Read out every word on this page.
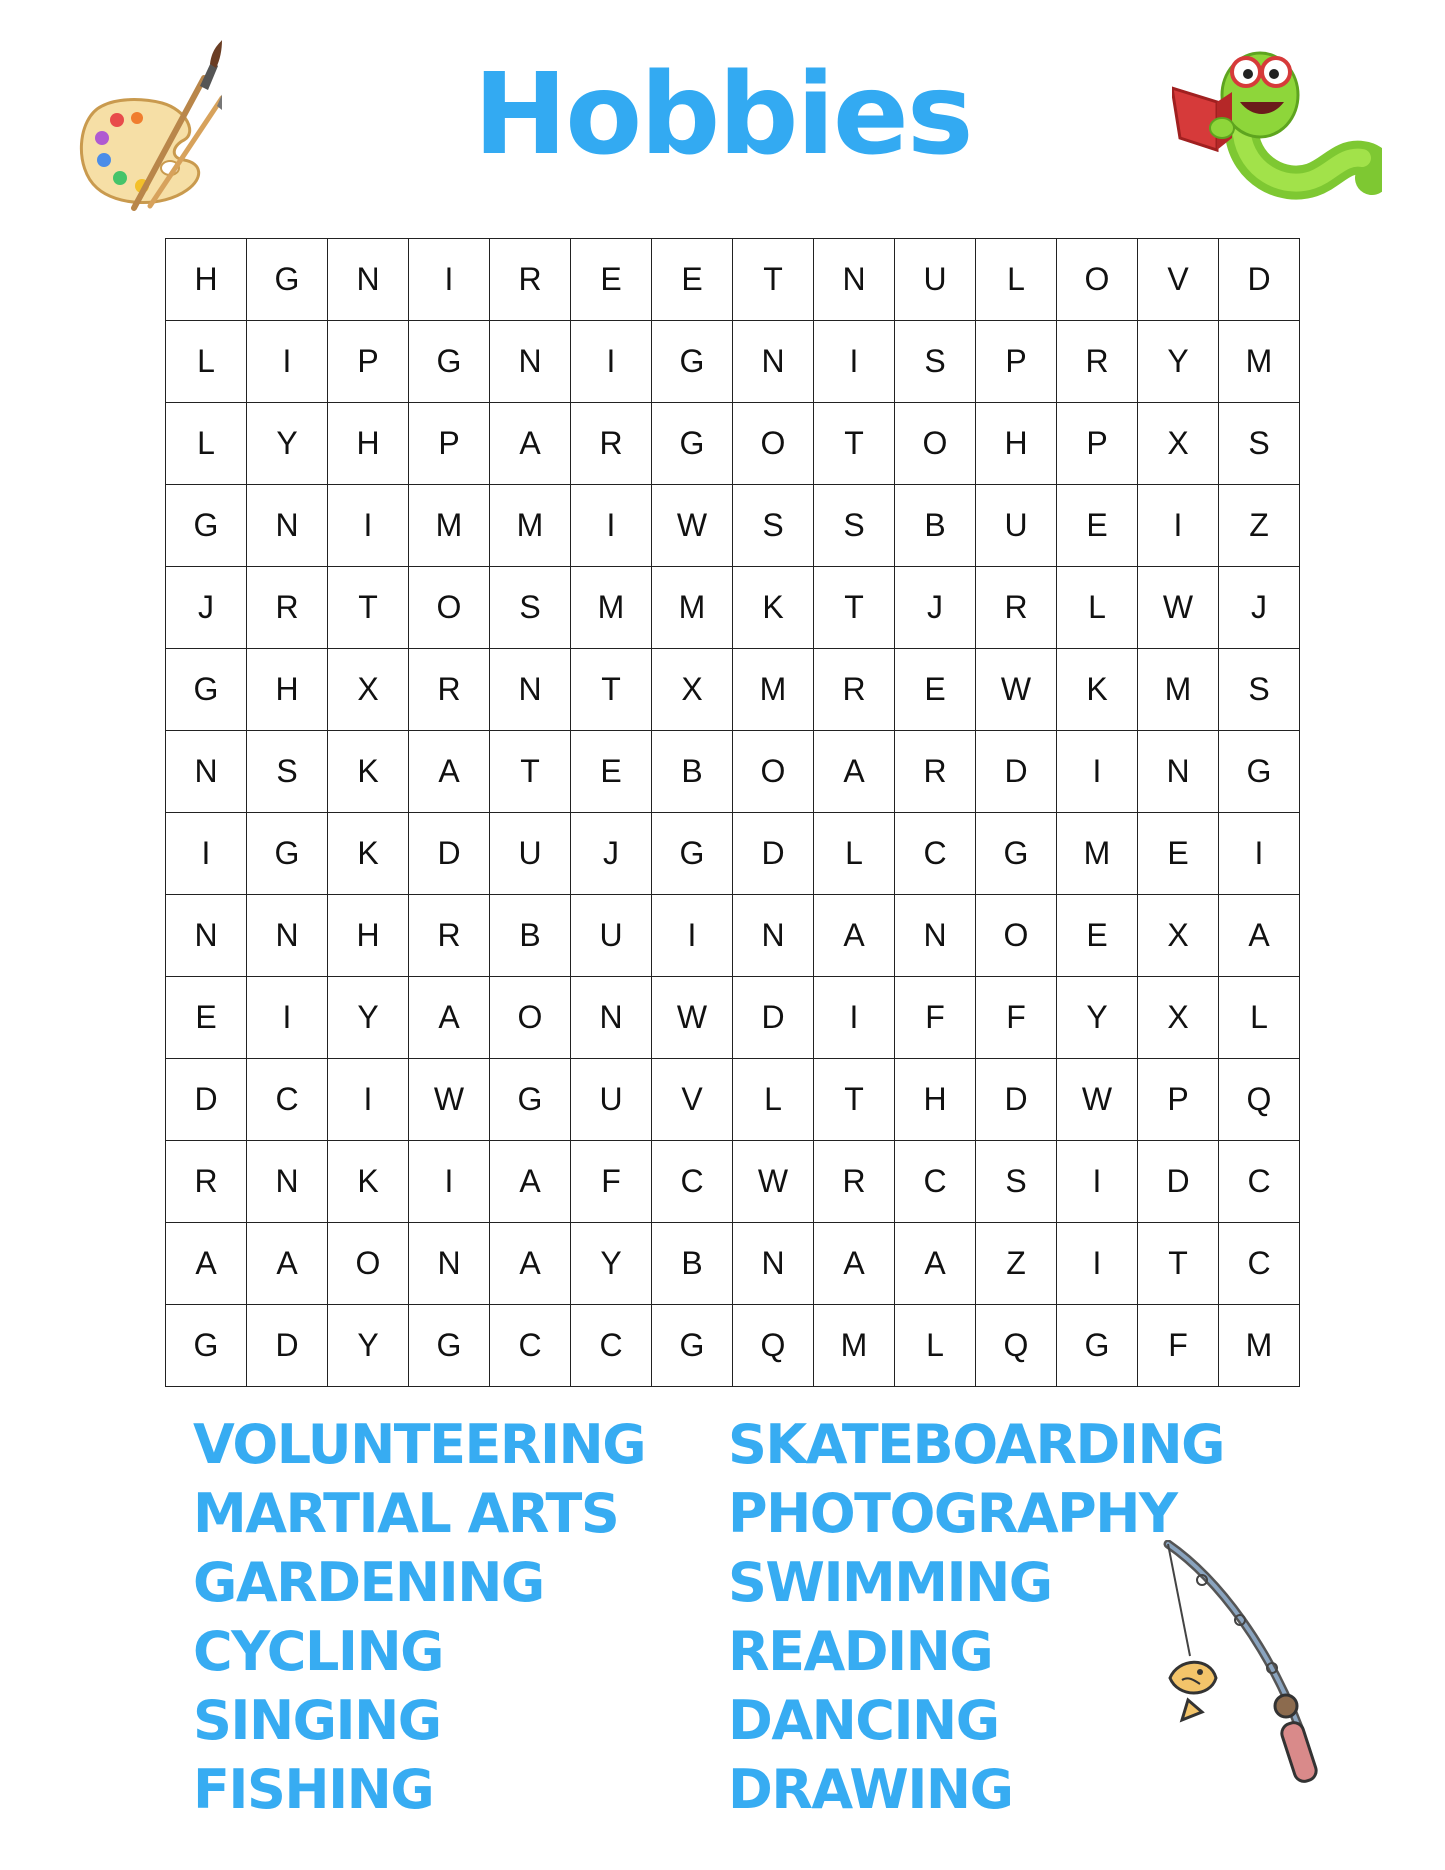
Hobbies
H	G	N	I	R	E	E	T	N	U	L	O	V	D
L	I	P	G	N	I	G	N	I	S	P	R	Y	M
L	Y	H	P	A	R	G	O	T	O	H	P	X	S
G	N	I	M	M	I	W	S	S	B	U	E	I	Z
J	R	T	O	S	M	M	K	T	J	R	L	W	J
G	H	X	R	N	T	X	M	R	E	W	K	M	S
N	S	K	A	T	E	B	O	A	R	D	I	N	G
I	G	K	D	U	J	G	D	L	C	G	M	E	I
N	N	H	R	B	U	I	N	A	N	O	E	X	A
E	I	Y	A	O	N	W	D	I	F	F	Y	X	L
D	C	I	W	G	U	V	L	T	H	D	W	P	Q
R	N	K	I	A	F	C	W	R	C	S	I	D	C
A	A	O	N	A	Y	B	N	A	A	Z	I	T	C
G	D	Y	G	C	C	G	Q	M	L	Q	G	F	M
VOLUNTEERING
MARTIAL ARTS
GARDENING
CYCLING
SINGING
FISHING
SKATEBOARDING
PHOTOGRAPHY
SWIMMING
READING
DANCING
DRAWING
